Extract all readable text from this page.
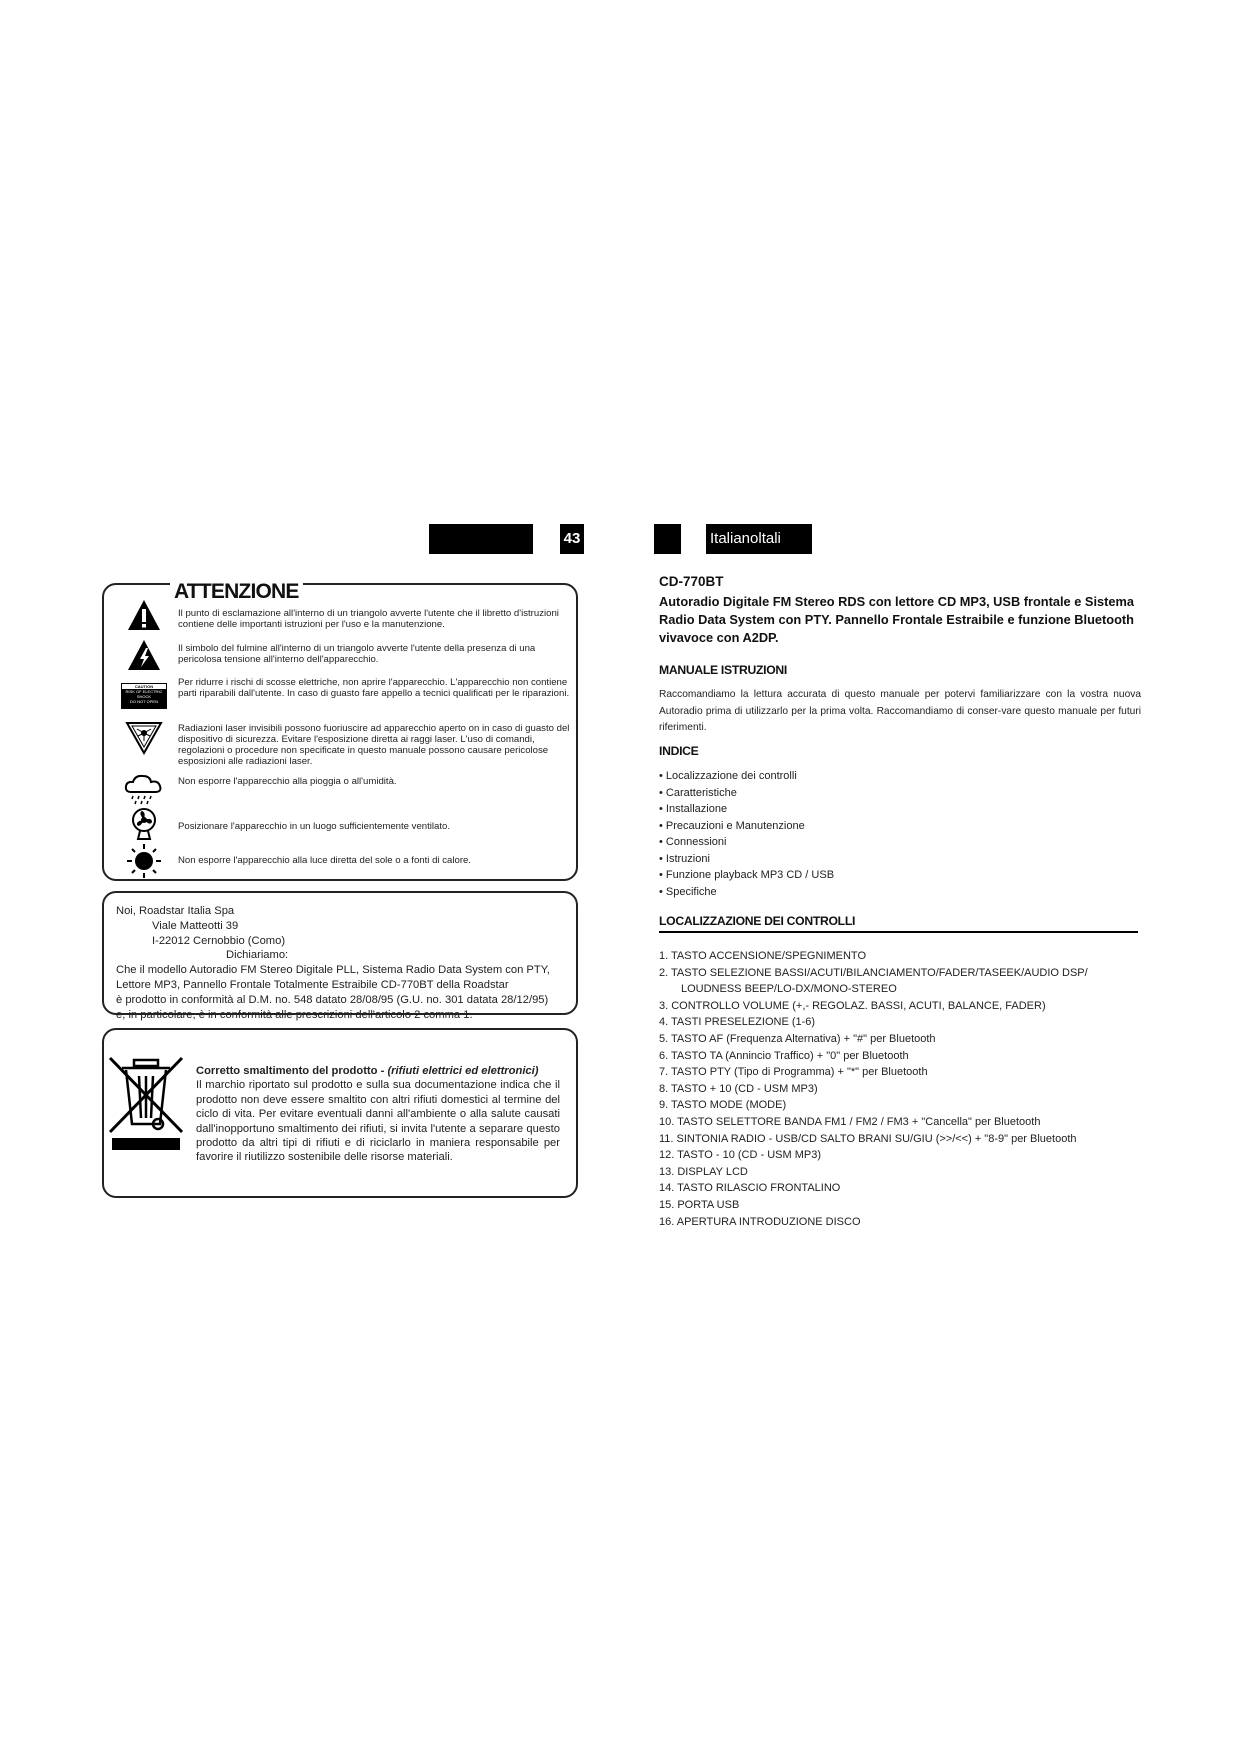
43	Italianoltali
ATTENZIONE
CAUTION
RISK OF ELECTRIC
SHOCK
DO NOT OPEN
Il punto di esclamazione all'interno di un triangolo avverte l'utente che il libretto d'istruzioni contiene delle importanti istruzioni per l'uso e la manutenzione.
Il simbolo del fulmine all'interno di un triangolo avverte l'utente della presenza di una pericolosa tensione all'interno dell'apparecchio.
Per ridurre i rischi di scosse elettriche, non aprire l'apparecchio. L'apparecchio non contiene parti riparabili dall'utente. In caso di guasto fare appello a tecnici qualificati per le riparazioni.
Radiazioni laser invisibili possono fuoriuscire ad apparecchio aperto on in caso di guasto del dispositivo di sicurezza. Evitare l'esposizione diretta ai raggi laser. L'uso di comandi, regolazioni o procedure non specificate in questo manuale possono causare pericolose esposizioni alle radiazioni laser.
Non esporre l'apparecchio alla pioggia o all'umidità.
Posizionare l'apparecchio in un luogo sufficientemente ventilato.
Non esporre l'apparecchio alla luce diretta del sole o a fonti di calore.
Noi, Roadstar Italia Spa
Viale Matteotti 39
I-22012 Cernobbio (Como)
Dichiariamo:
Che il modello Autoradio FM Stereo Digitale PLL, Sistema Radio Data System con PTY,
Lettore MP3, Pannello Frontale Totalmente Estraibile CD-770BT della Roadstar
è prodotto in conformità al D.M. no. 548 datato 28/08/95 (G.U. no. 301 datata 28/12/95)
e, in particolare, è in conformità alle prescrizioni dell'articolo 2 comma 1.
Corretto smaltimento del prodotto - (rifiuti elettrici ed elettronici)
Il marchio riportato sul prodotto e sulla sua documentazione indica che il prodotto non deve essere smaltito con altri rifiuti domestici al termine del ciclo di vita. Per evitare eventuali danni all'ambiente o alla salute causati dall'inopportuno smaltimento dei rifiuti, si invita l'utente a separare questo prodotto da altri tipi di rifiuti e di riciclarlo in maniera responsabile per favorire il riutilizzo sostenibile delle risorse materiali.
CD-770BT
Autoradio Digitale FM Stereo RDS con lettore CD MP3, USB frontale e Sistema Radio Data System con PTY. Pannello Frontale Estraibile e funzione Bluetooth vivavoce con A2DP.
MANUALE ISTRUZIONI
Raccomandiamo la lettura accurata di questo manuale per potervi familiarizzare con la vostra nuova Autoradio prima di utilizzarlo per la prima volta. Raccomandiamo di conser-vare questo manuale per futuri riferimenti.
INDICE
• Localizzazione dei controlli
• Caratteristiche
• Installazione
• Precauzioni e Manutenzione
• Connessioni
• Istruzioni
• Funzione playback MP3 CD / USB
• Specifiche
LOCALIZZAZIONE DEI CONTROLLI
1. TASTO ACCENSIONE/SPEGNIMENTO
2. TASTO SELEZIONE BASSI/ACUTI/BILANCIAMENTO/FADER/TASEEK/AUDIO DSP/
LOUDNESS BEEP/LO-DX/MONO-STEREO
3. CONTROLLO VOLUME (+,- REGOLAZ. BASSI, ACUTI, BALANCE, FADER)
4. TASTI PRESELEZIONE (1-6)
5. TASTO AF (Frequenza Alternativa) + "#" per Bluetooth
6. TASTO TA (Annincio Traffico) + "0" per Bluetooth
7. TASTO PTY (Tipo di Programma) + "*" per Bluetooth
8. TASTO + 10 (CD - USM MP3)
9. TASTO MODE (MODE)
10. TASTO SELETTORE BANDA FM1 / FM2 / FM3 + "Cancella" per Bluetooth
11. SINTONIA RADIO - USB/CD SALTO BRANI SU/GIU (>>/<<) + "8-9" per Bluetooth
12. TASTO - 10 (CD - USM MP3)
13. DISPLAY LCD
14. TASTO RILASCIO FRONTALINO
15. PORTA USB
16. APERTURA INTRODUZIONE DISCO
